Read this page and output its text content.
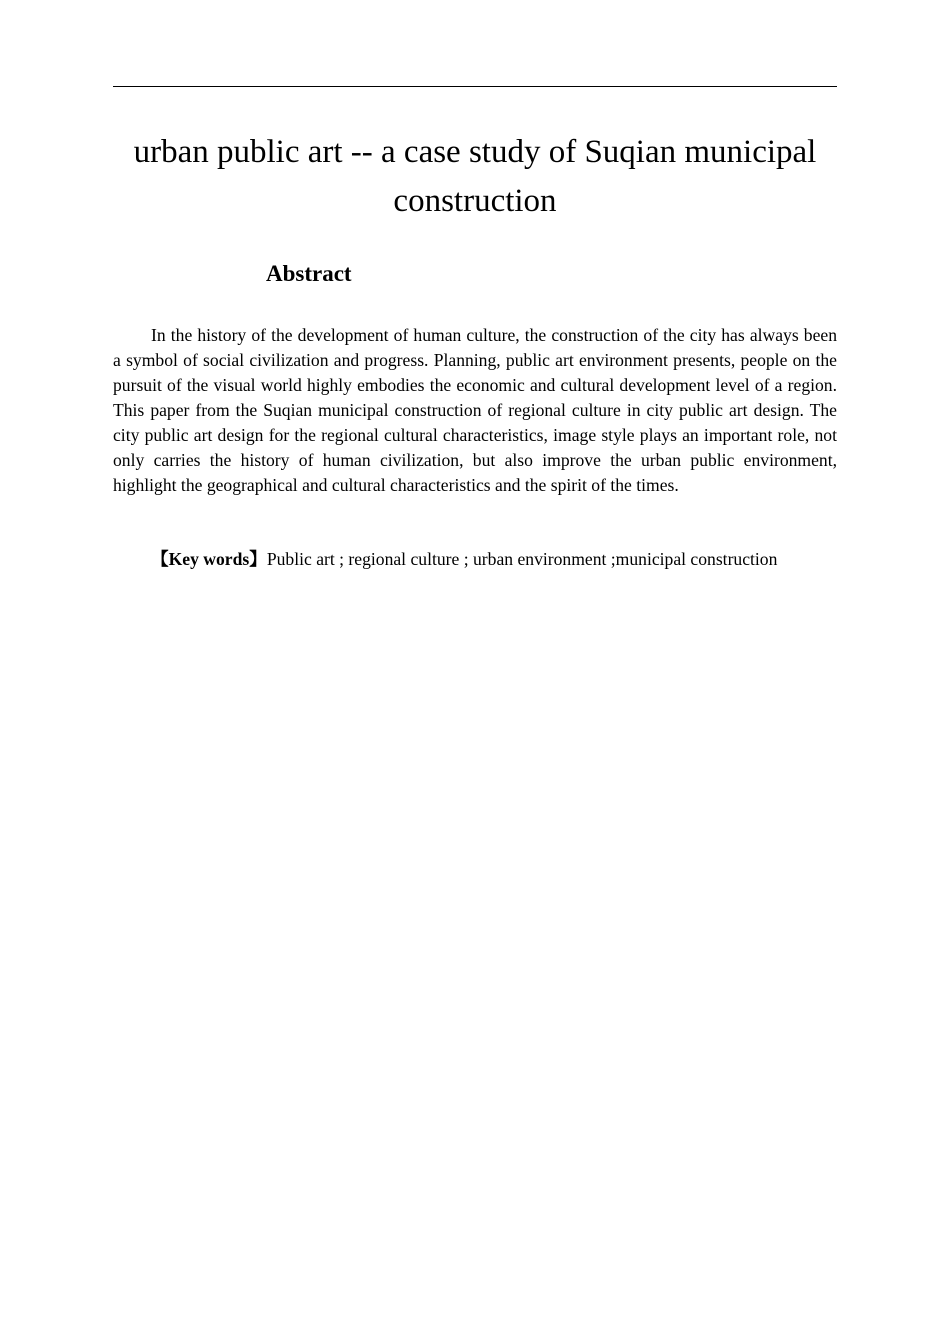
urban public art -- a case study of Suqian municipal construction
Abstract

In the history of the development of human culture, the construction of the city has always been a symbol of social civilization and progress. Planning, public art environment presents, people on the pursuit of the visual world highly embodies the economic and cultural development level of a region. This paper from the Suqian municipal construction of regional culture in city public art design. The city public art design for the regional cultural characteristics, image style plays an important role, not only carries the history of human civilization, but also improve the urban public environment, highlight the geographical and cultural characteristics and the spirit of the times.

【Key words】Public art ; regional culture ; urban environment ;municipal construction
